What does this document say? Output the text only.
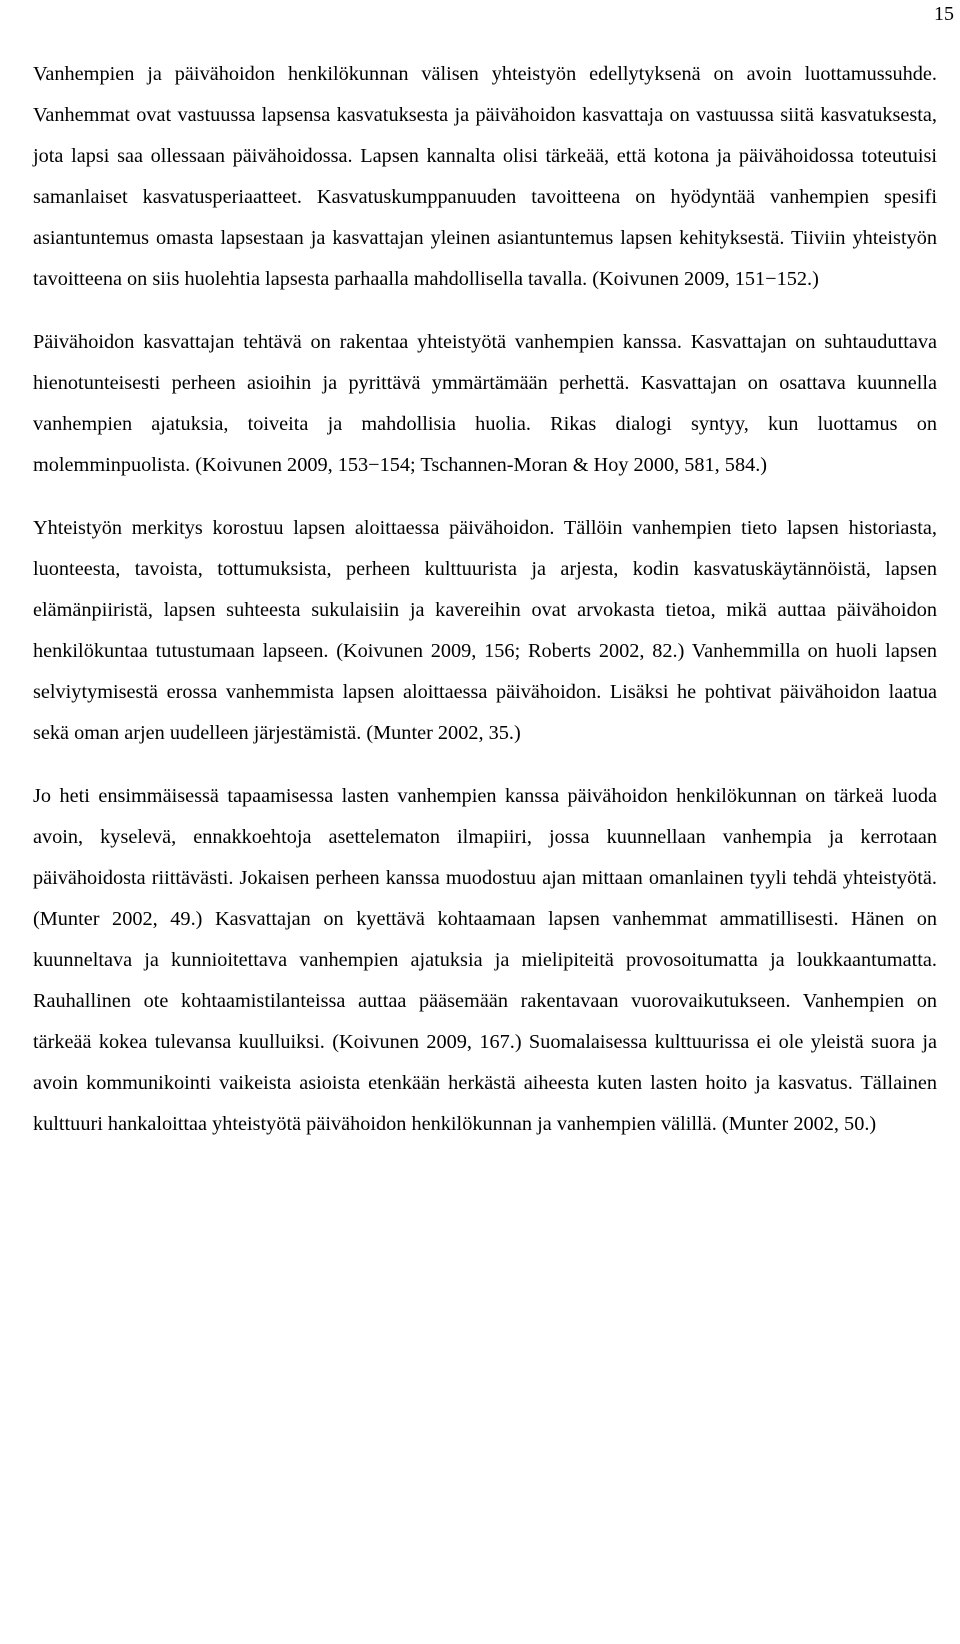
15

Vanhempien ja päivähoidon henkilökunnan välisen yhteistyön edellytyksenä on avoin luottamussuhde. Vanhemmat ovat vastuussa lapsensa kasvatuksesta ja päivähoidon kasvattaja on vastuussa siitä kasvatuksesta, jota lapsi saa ollessaan päivähoidossa. Lapsen kannalta olisi tärkeää, että kotona ja päivähoidossa toteutuisi samanlaiset kasvatusperiaatteet. Kasvatuskumppanuuden tavoitteena on hyödyntää vanhempien spesifi asiantuntemus omasta lapsestaan ja kasvattajan yleinen asiantuntemus lapsen kehityksestä. Tiiviin yhteistyön tavoitteena on siis huolehtia lapsesta parhaalla mahdollisella tavalla. (Koivunen 2009, 151−152.)

Päivähoidon kasvattajan tehtävä on rakentaa yhteistyötä vanhempien kanssa. Kasvattajan on suhtauduttava hienotunteisesti perheen asioihin ja pyrittävä ymmärtämään perhettä. Kasvattajan on osattava kuunnella vanhempien ajatuksia, toiveita ja mahdollisia huolia. Rikas dialogi syntyy, kun luottamus on molemminpuolista. (Koivunen 2009, 153−154; Tschannen-Moran & Hoy 2000, 581, 584.)

Yhteistyön merkitys korostuu lapsen aloittaessa päivähoidon. Tällöin vanhempien tieto lapsen historiasta, luonteesta, tavoista, tottumuksista, perheen kulttuurista ja arjesta, kodin kasvatuskäytännöistä, lapsen elämänpiiristä, lapsen suhteesta sukulaisiin ja kavereihin ovat arvokasta tietoa, mikä auttaa päivähoidon henkilökuntaa tutustumaan lapseen. (Koivunen 2009, 156; Roberts 2002, 82.) Vanhemmilla on huoli lapsen selviytymisestä erossa vanhemmista lapsen aloittaessa päivähoidon. Lisäksi he pohtivat päivähoidon laatua sekä oman arjen uudelleen järjestämistä. (Munter 2002, 35.)

Jo heti ensimmäisessä tapaamisessa lasten vanhempien kanssa päivähoidon henkilökunnan on tärkeä luoda avoin, kyselevä, ennakkoehtoja asettelematon ilmapiiri, jossa kuunnellaan vanhempia ja kerrotaan päivähoidosta riittävästi. Jokaisen perheen kanssa muodostuu ajan mittaan omanlainen tyyli tehdä yhteistyötä. (Munter 2002, 49.) Kasvattajan on kyettävä kohtaamaan lapsen vanhemmat ammatillisesti. Hänen on kuunneltava ja kunnioitettava vanhempien ajatuksia ja mielipiteitä provosoitumatta ja loukkaantumatta. Rauhallinen ote kohtaamistilanteissa auttaa pääsemään rakentavaan vuorovaikutukseen. Vanhempien on tärkeää kokea tulevansa kuulluiksi. (Koivunen 2009, 167.) Suomalaisessa kulttuurissa ei ole yleistä suora ja avoin kommunikointi vaikeista asioista etenkään herkästä aiheesta kuten lasten hoito ja kasvatus. Tällainen kulttuuri hankaloittaa yhteistyötä päivähoidon henkilökunnan ja vanhempien välillä. (Munter 2002, 50.)
